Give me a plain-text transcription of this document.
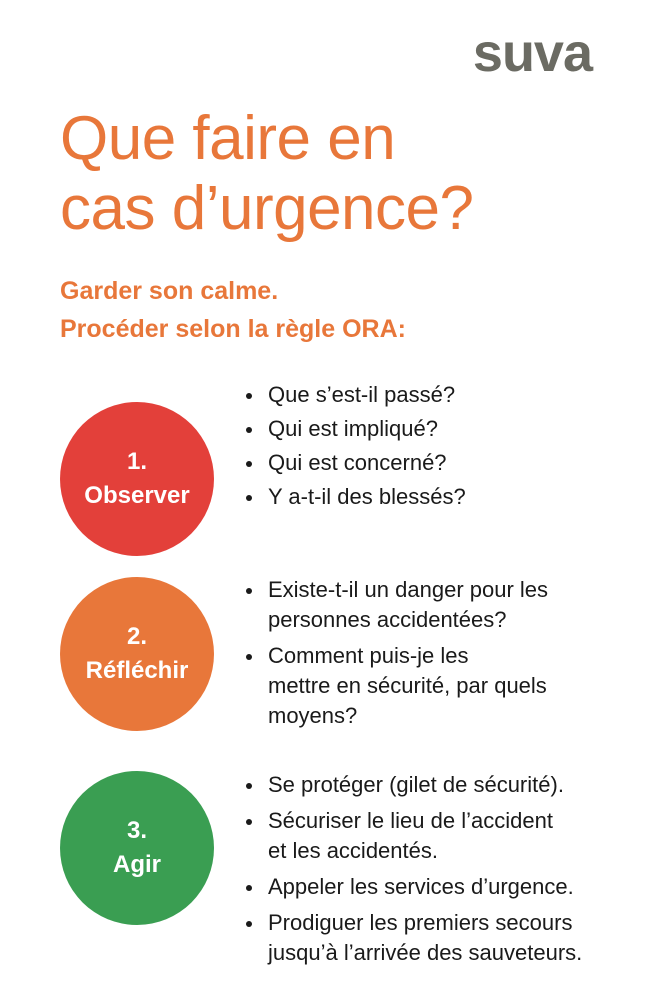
suva
Que faire en
cas d’urgence?
Garder son calme.
Procéder selon la règle ORA:
1.
Observer
Que s’est-il passé?
Qui est impliqué?
Qui est concerné?
Y a-t-il des blessés?
2.
Réfléchir
Existe-t-il un danger pour les
personnes accidentées?
Comment puis-je les
mettre en sécurité, par quels
moyens?
3.
Agir
Se protéger (gilet de sécurité).
Sécuriser le lieu de l’accident
et les accidentés.
Appeler les services d’urgence.
Prodiguer les premiers secours
jusqu’à l’arrivée des sauveteurs.
